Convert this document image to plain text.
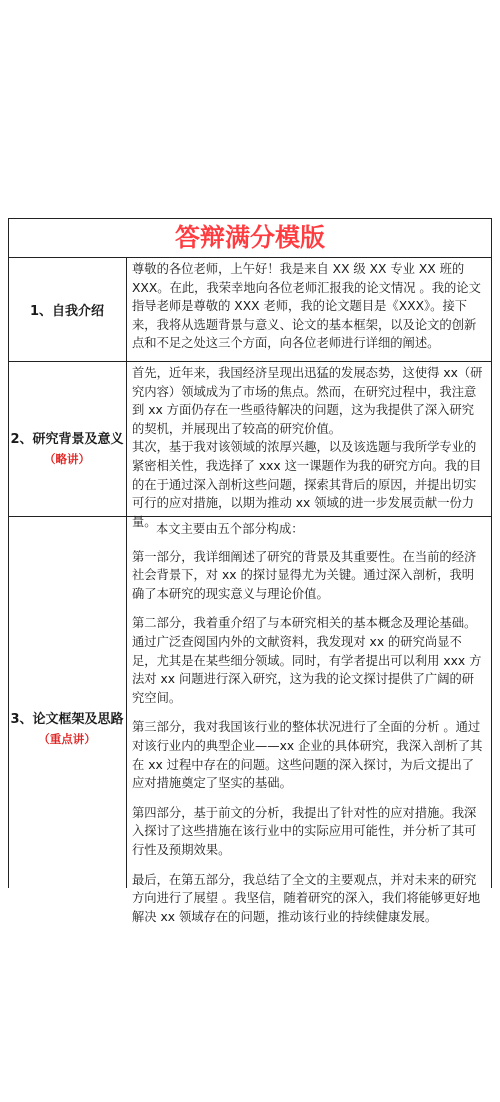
答辩满分模版
1、自我介绍

尊敬的各位老师，上午好！我是来自 XX 级 XX 专业 XX 班的 XXX。在此，我荣幸地向各位老师汇报我的论文情况 。我的论文指导老师是尊敬的 XXX 老师，我的论文题目是《XXX》。接下来，我将从选题背景与意义、论文的基本框架，以及论文的创新点和不足之处这三个方面，向各位老师进行详细的阐述。

2、研究背景及意义
（略讲）

首先，近年来，我国经济呈现出迅猛的发展态势，这使得 xx（研究内容）领域成为了市场的焦点。然而，在研究过程中，我注意到 xx 方面仍存在一些亟待解决的问题，这为我提供了深入研究的契机，并展现出了较高的研究价值。

其次，基于我对该领域的浓厚兴趣，以及该选题与我所学专业的紧密相关性，我选择了 xxx 这一课题作为我的研究方向。我的目的在于通过深入剖析这些问题，探索其背后的原因，并提出切实可行的应对措施，以期为推动 xx 领域的进一步发展贡献一份力量。

3、论文框架及思路
（重点讲）

本文主要由五个部分构成：

第一部分，我详细阐述了研究的背景及其重要性。在当前的经济社会背景下，对 xx 的探讨显得尤为关键。通过深入剖析，我明确了本研究的现实意义与理论价值。

第二部分，我着重介绍了与本研究相关的基本概念及理论基础。通过广泛查阅国内外的文献资料，我发现对 xx 的研究尚显不足，尤其是在某些细分领域。同时，有学者提出可以利用 xxx 方法对 xx 问题进行深入研究，这为我的论文探讨提供了广阔的研究空间。

第三部分，我对我国该行业的整体状况进行了全面的分析 。通过对该行业内的典型企业——xx 企业的具体研究，我深入剖析了其在 xx 过程中存在的问题。这些问题的深入探讨，为后文提出了应对措施奠定了坚实的基础。

第四部分，基于前文的分析，我提出了针对性的应对措施。我深入探讨了这些措施在该行业中的实际应用可能性，并分析了其可行性及预期效果。

最后，在第五部分，我总结了全文的主要观点，并对未来的研究方向进行了展望 。我坚信，随着研究的深入，我们将能够更好地解决 xx 领域存在的问题，推动该行业的持续健康发展。
